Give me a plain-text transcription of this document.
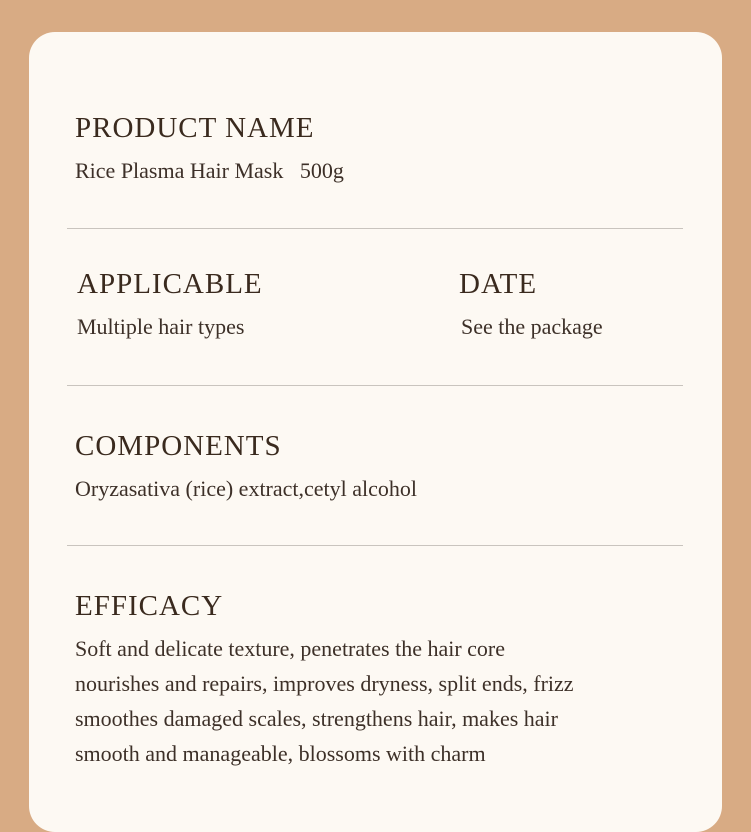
PRODUCT NAME
Rice Plasma Hair Mask   500g
APPLICABLE
Multiple hair types
DATE
See the package
COMPONENTS
Oryzasativa (rice) extract,cetyl alcohol
EFFICACY
Soft and delicate texture, penetrates the hair core
nourishes and repairs, improves dryness, split ends, frizz
smoothes damaged scales, strengthens hair, makes hair
smooth and manageable, blossoms with charm
